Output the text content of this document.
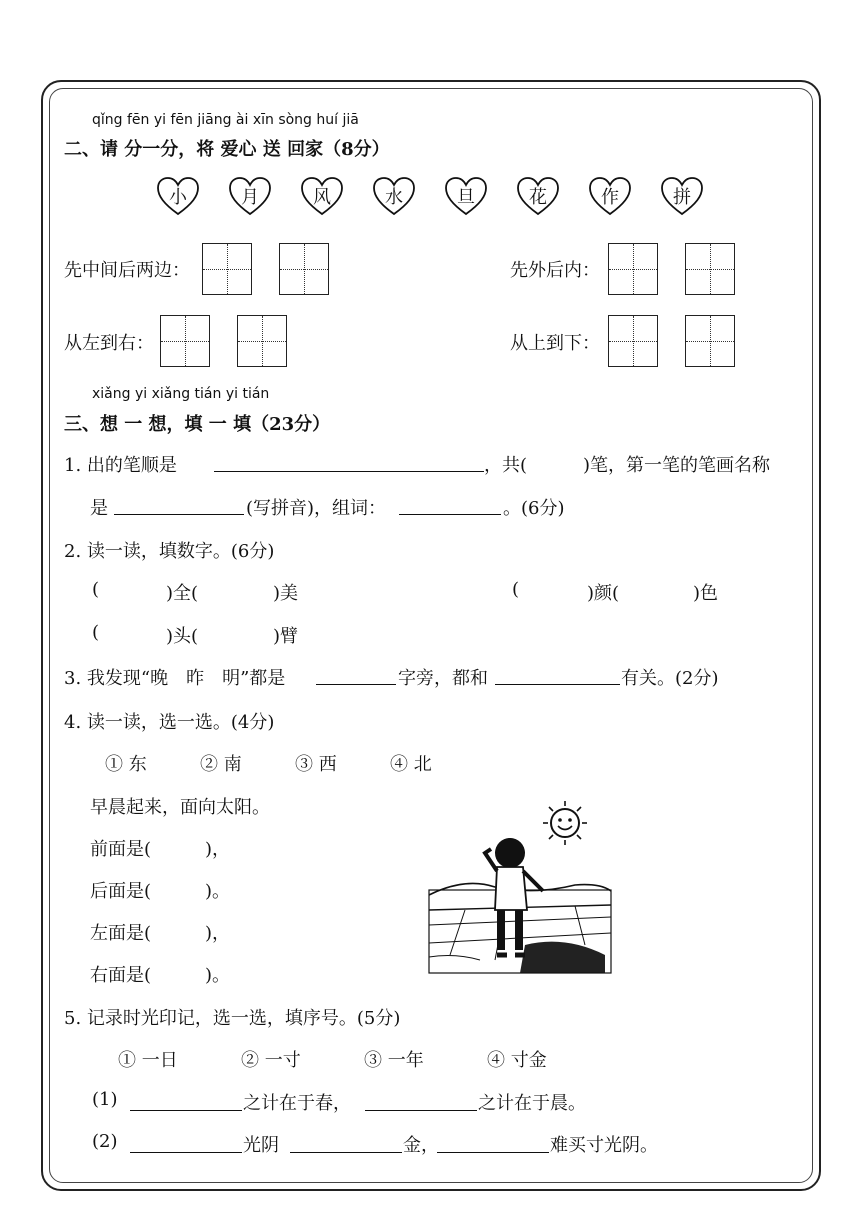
qǐng fēn yi fēn jiāng ài xīn sòng huí jiā
二、请 分一分，将 爱心 送 回家（8分）
小	月	风	水	旦	花	作	拼
先中间后两边：	先外后内：
从左到右：	从上到下：
xiǎng yi xiǎng tián yi tián
三、想 一 想，填 一 填（23分）
1. 出的笔顺是	，共(	)笔，第一笔的笔画名称
是	(写拼音)，组词：	。(6分)
2. 读一读，填数字。(6分)
(	)全(	)美	(	)颜(	)色
(	)头(	)臂
3. 我发现“晚　昨　明”都是	字旁，都和	有关。(2分)
4. 读一读，选一选。(4分)
① 东	② 南	③ 西	④ 北
早晨起来，面向太阳。
前面是(　　　)，
后面是(　　　)。
左面是(　　　)，
右面是(　　　)。
5. 记录时光印记，选一选，填序号。(5分)
① 一日	② 一寸	③ 一年	④ 寸金
(1)	之计在于春，	之计在于晨。
(2)	光阴	金，	难买寸光阴。
